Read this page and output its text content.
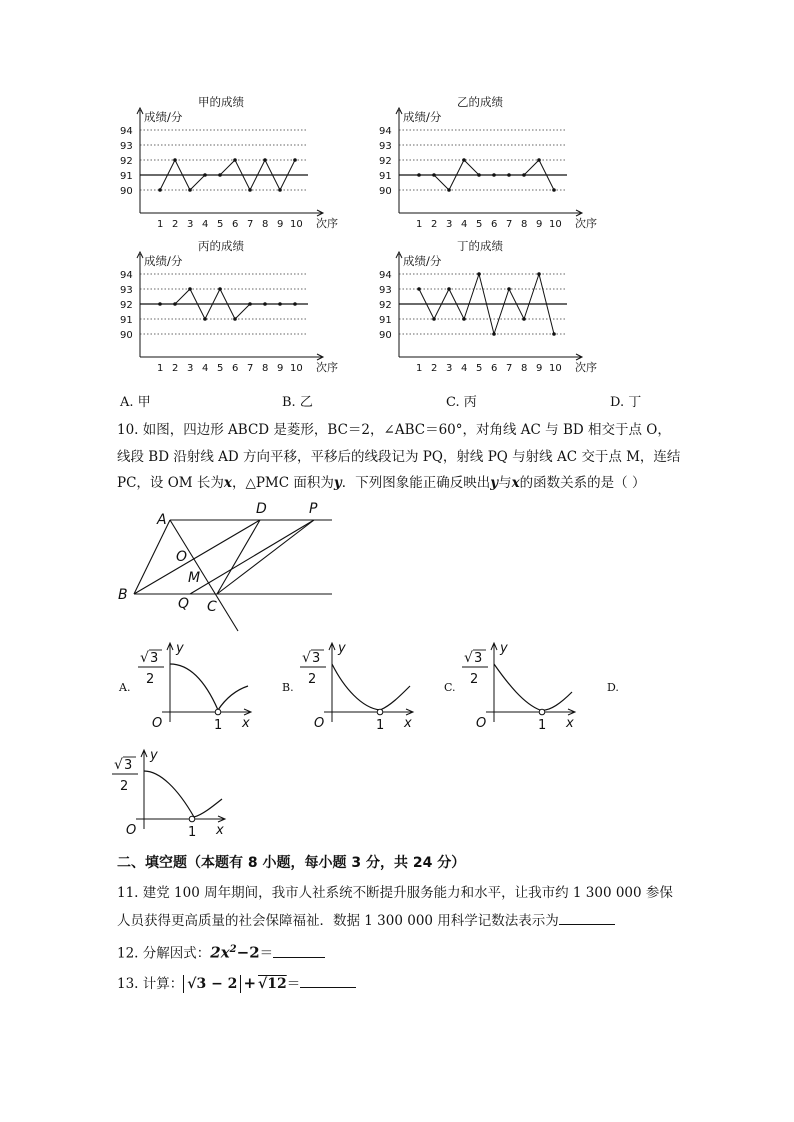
甲的成绩
成绩/分
次序
90
91
92
93
94
1 2 3 4 5 6 7 8 9 10
乙的成绩
成绩/分
次序
90
91
92
93
94
1 2 3 4 5 6 7 8 9 10
丙的成绩
成绩/分
次序
90
91
92
93
94
1 2 3 4 5 6 7 8 9 10
丁的成绩
成绩/分
次序
90
91
92
93
94
1 2 3 4 5 6 7 8 9 10
A. 甲	B. 乙	C. 丙	D. 丁
10. 如图，四边形 ABCD 是菱形，BC＝2，∠ABC＝60°，对角线 AC 与 BD 相交于点 O，
线段 BD 沿射线 AD 方向平移，平移后的线段记为 PQ，射线 PQ 与射线 AC 交于点 M，连结
PC，设 OM 长为x，△PMC 面积为y．下列图象能正确反映出y与x的函数关系的是（ ）
A
D	P
O
M
B
Q C
√ 3
2
O	1
y
x
√ 3
2
O	1
y
x
√ 3
2
O	1
y
x
√ 3
2
O	1
y
x
A.	B.	C.	D.
二、填空题（本题有 8 小题，每小题 3 分，共 24 分）
11. 建党 100 周年期间，我市人社系统不断提升服务能力和水平，让我市约 1 300 000 参保
人员获得更高质量的社会保障福祉．数据 1 300 000 用科学记数法表示为
12. 分解因式：$2x^2-2=$
13. 计算： √3 − 2 + √12＝
